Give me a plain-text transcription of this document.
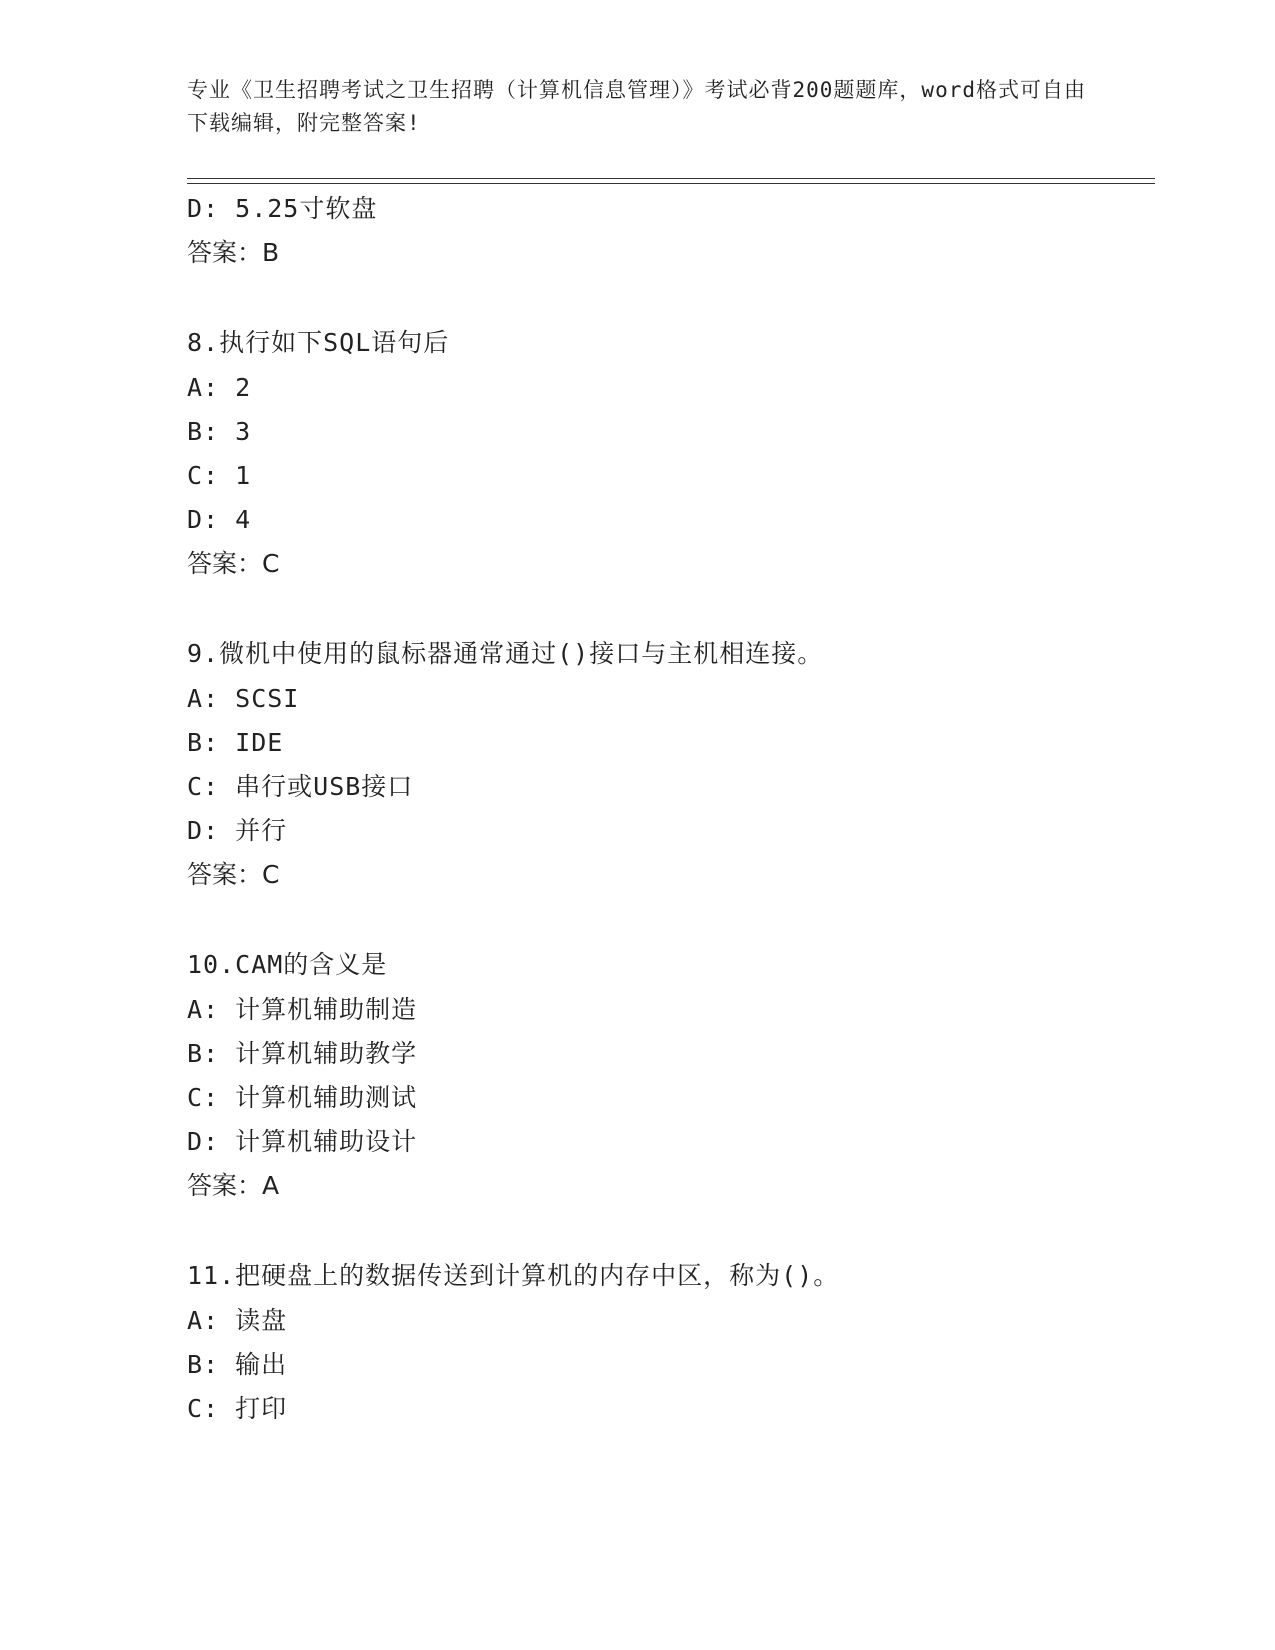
专业《卫生招聘考试之卫生招聘（计算机信息管理）》考试必背200题题库，word格式可自由下载编辑，附完整答案!
D: 5.25寸软盘
答案：B
8.执行如下SQL语句后
A: 2
B: 3
C: 1
D: 4
答案：C
9.微机中使用的鼠标器通常通过()接口与主机相连接。
A: SCSI
B: IDE
C: 串行或USB接口
D: 并行
答案：C
10.CAM的含义是
A: 计算机辅助制造
B: 计算机辅助教学
C: 计算机辅助测试
D: 计算机辅助设计
答案：A
11.把硬盘上的数据传送到计算机的内存中区，称为()。
A: 读盘
B: 输出
C: 打印
